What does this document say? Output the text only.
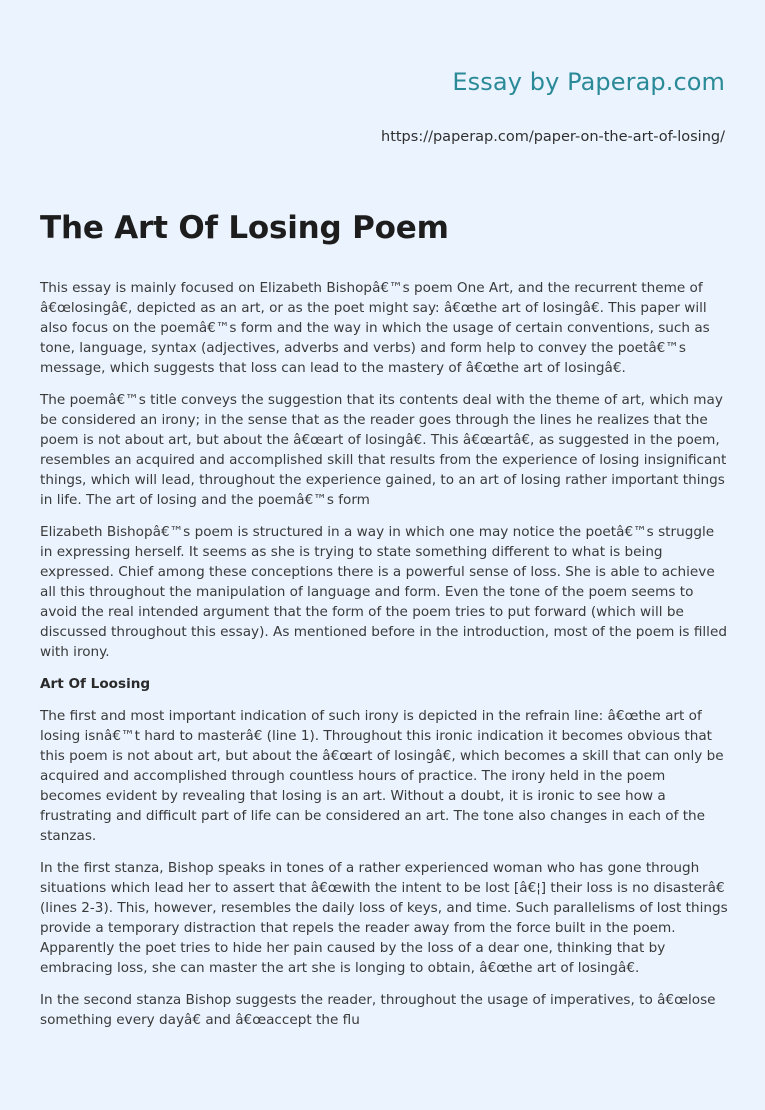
Essay by Paperap.com
https://paperap.com/paper-on-the-art-of-losing/
The Art Of Losing Poem

This essay is mainly focused on Elizabeth Bishopâ€™s poem One Art, and the recurrent theme of â€œlosingâ€, depicted as an art, or as the poet might say: â€œthe art of losingâ€. This paper will also focus on the poemâ€™s form and the way in which the usage of certain conventions, such as tone, language, syntax (adjectives, adverbs and verbs) and form help to convey the poetâ€™s message, which suggests that loss can lead to the mastery of â€œthe art of losingâ€.

The poemâ€™s title conveys the suggestion that its contents deal with the theme of art, which may be considered an irony; in the sense that as the reader goes through the lines he realizes that the poem is not about art, but about the â€œart of losingâ€. This â€œartâ€, as suggested in the poem, resembles an acquired and accomplished skill that results from the experience of losing insignificant things, which will lead, throughout the experience gained, to an art of losing rather important things in life. The art of losing and the poemâ€™s form

Elizabeth Bishopâ€™s poem is structured in a way in which one may notice the poetâ€™s struggle in expressing herself. It seems as she is trying to state something different to what is being expressed. Chief among these conceptions there is a powerful sense of loss. She is able to achieve all this throughout the manipulation of language and form. Even the tone of the poem seems to avoid the real intended argument that the form of the poem tries to put forward (which will be discussed throughout this essay). As mentioned before in the introduction, most of the poem is filled with irony.

Art Of Loosing

The first and most important indication of such irony is depicted in the refrain line: â€œthe art of losing isnâ€™t hard to masterâ€ (line 1). Throughout this ironic indication it becomes obvious that this poem is not about art, but about the â€œart of losingâ€, which becomes a skill that can only be acquired and accomplished through countless hours of practice. The irony held in the poem becomes evident by revealing that losing is an art. Without a doubt, it is ironic to see how a frustrating and difficult part of life can be considered an art. The tone also changes in each of the stanzas.

In the first stanza, Bishop speaks in tones of a rather experienced woman who has gone through situations which lead her to assert that â€œwith the intent to be lost [â€¦] their loss is no disasterâ€ (lines 2-3). This, however, resembles the daily loss of keys, and time. Such parallelisms of lost things provide a temporary distraction that repels the reader away from the force built in the poem. Apparently the poet tries to hide her pain caused by the loss of a dear one, thinking that by embracing loss, she can master the art she is longing to obtain, â€œthe art of losingâ€.

In the second stanza Bishop suggests the reader, throughout the usage of imperatives, to â€œlose something every dayâ€ and â€œaccept the flu
